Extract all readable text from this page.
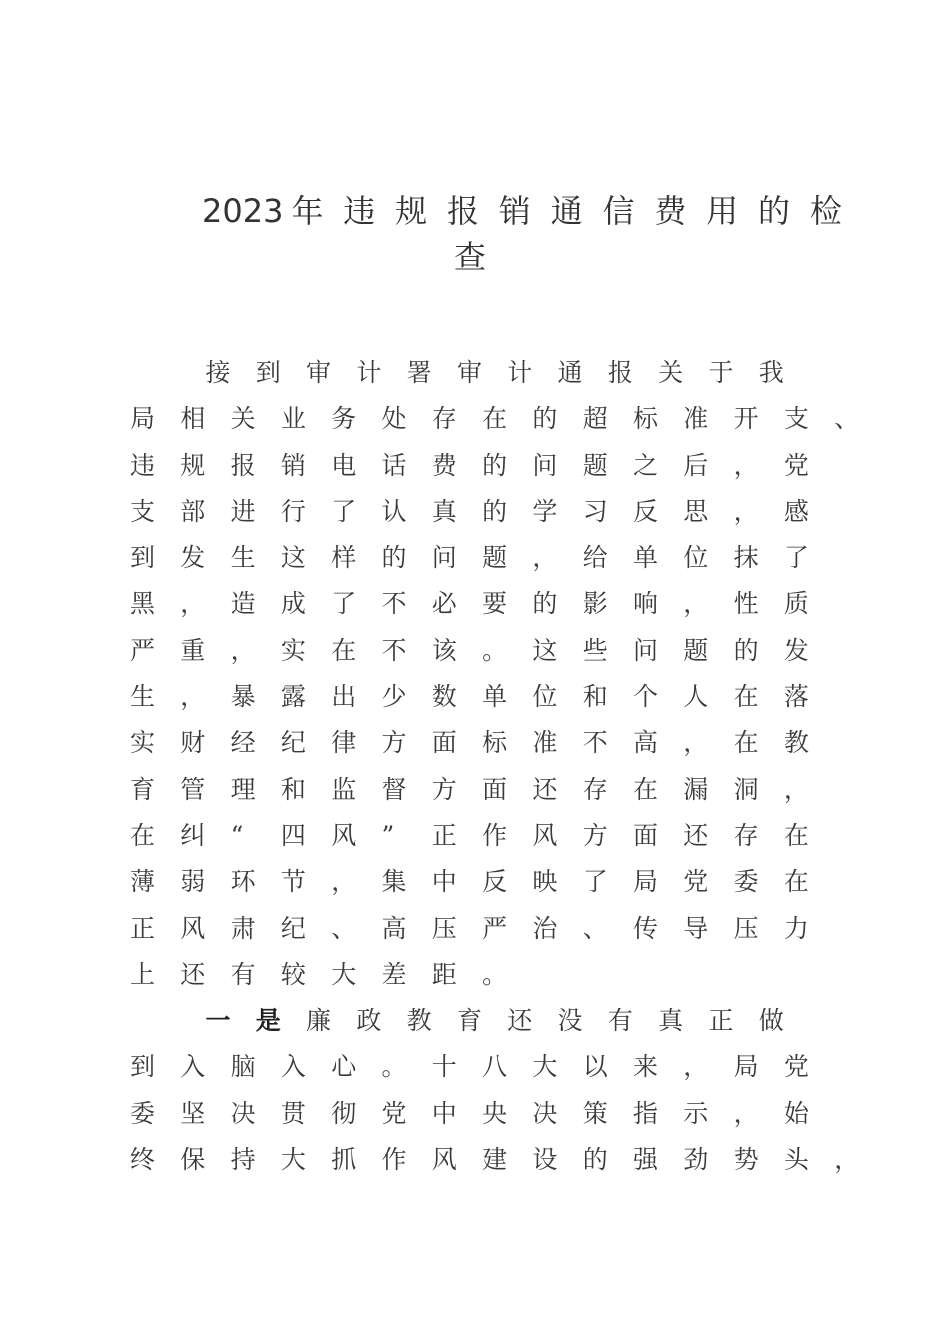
2023 年违规报销通信费用的检
查
接	到	审	计	署	审	计	通	报	关	于	我
局	相	关	业	务	处	存	在	的	超	标	准	开	支	、
违	规	报	销	电	话	费	的	问	题	之	后	，	党
支	部	进	行	了	认	真	的	学	习	反	思	，	感
到	发	生	这	样	的	问	题	，	给	单	位	抹	了
黑	，	造	成	了	不	必	要	的	影	响	，	性	质
严	重	，	实	在	不	该	。	这	些	问	题	的	发
生	，	暴	露	出	少	数	单	位	和	个	人	在	落
实	财	经	纪	律	方	面	标	准	不	高	，	在	教
育	管	理	和	监	督	方	面	还	存	在	漏	洞	，
在	纠	“	四	风	”	正	作	风	方	面	还	存	在
薄	弱	环	节	，	集	中	反	映	了	局	党	委	在
正	风	肃	纪	、	高	压	严	治	、	传	导	压	力
上	还	有	较	大	差	距	。
一	是	廉	政	教	育	还	没	有	真	正	做
到	入	脑	入	心	。	十	八	大	以	来	，	局	党
委	坚	决	贯	彻	党	中	央	决	策	指	示	，	始
终	保	持	大	抓	作	风	建	设	的	强	劲	势	头	，
